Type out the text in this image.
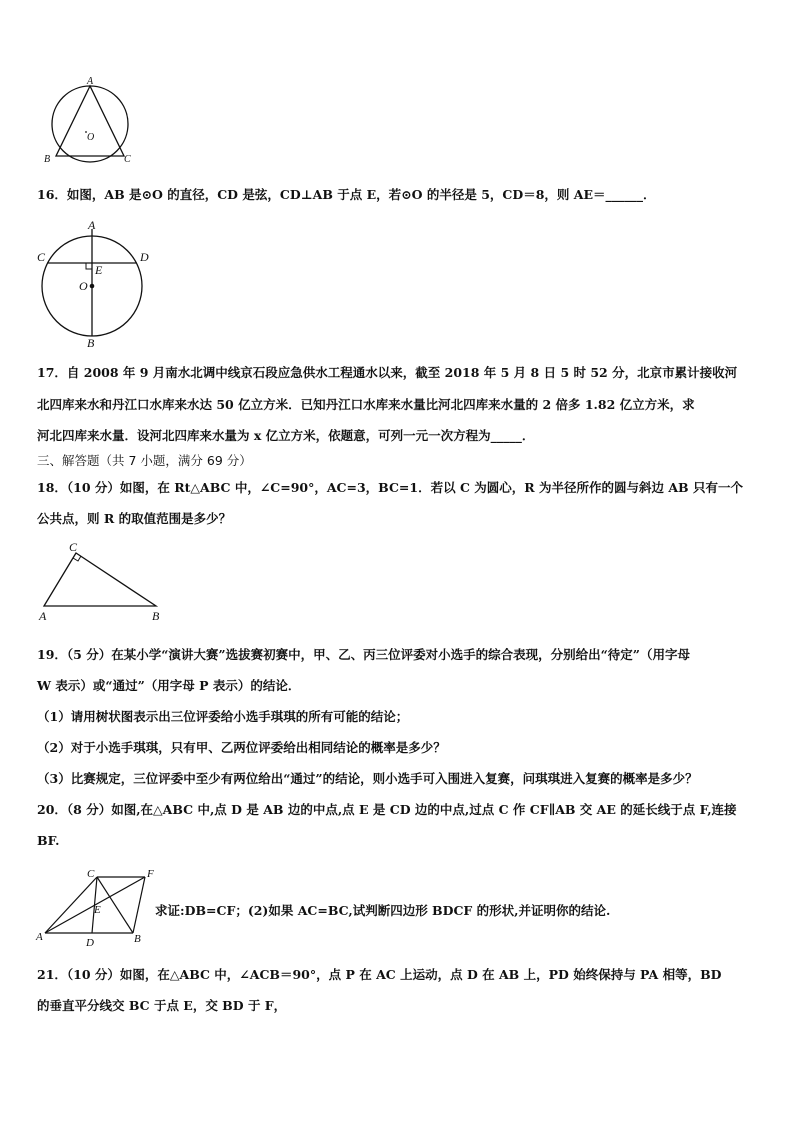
A
B	C
O
16．如图，AB 是⊙O 的直径，CD 是弦，CD⊥AB 于点 E，若⊙O 的半径是 5，CD＝8，则 AE＝______．
A
C	D
E
O
B
17．自 2008 年 9 月南水北调中线京石段应急供水工程通水以来，截至 2018 年 5 月 8 日 5 时 52 分，北京市累计接收河
北四库来水和丹江口水库来水达 50 亿立方米．已知丹江口水库来水量比河北四库来水量的 2 倍多 1.82 亿立方米，求
河北四库来水量．设河北四库来水量为 x 亿立方米，依题意，可列一元一次方程为_____．
三、解答题（共 7 小题，满分 69 分）
18．（10 分）如图，在 Rt△ABC 中，∠C=90°，AC=3，BC=1．若以 C 为圆心，R 为半径所作的圆与斜边 AB 只有一个
公共点，则 R 的取值范围是多少？
C
A	B
19．（5 分）在某小学“演讲大赛”选拔赛初赛中，甲、乙、丙三位评委对小选手的综合表现，分别给出“待定”（用字母
W 表示）或“通过”（用字母 P 表示）的结论．
（1）请用树状图表示出三位评委给小选手琪琪的所有可能的结论；
（2）对于小选手琪琪，只有甲、乙两位评委给出相同结论的概率是多少？
（3）比赛规定，三位评委中至少有两位给出“通过”的结论，则小选手可入围进入复赛，问琪琪进入复赛的概率是多少？
20．（8 分）如图,在△ABC 中,点 D 是 AB 边的中点,点 E 是 CD 边的中点,过点 C 作 CF∥AB 交 AE 的延长线于点 F,连接
BF.
C	F
E
A	D	B
求证:DB=CF；(2)如果 AC=BC,试判断四边形 BDCF 的形状,并证明你的结论.
21．（10 分）如图，在△ABC 中，∠ACB＝90°，点 P 在 AC 上运动，点 D 在 AB 上，PD 始终保持与 PA 相等，BD
的垂直平分线交 BC 于点 E，交 BD 于 F，
